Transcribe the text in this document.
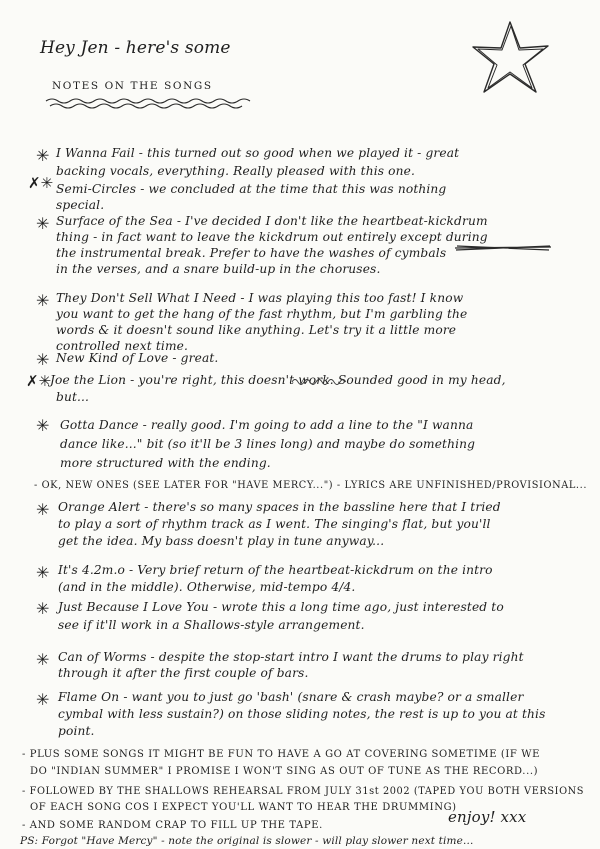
Hey Jen - here's some
NOTES ON THE SONGS
✳
✗✳
✳
✳
✳
✗✳
✳
✳
✳
✳
✳
✳
I Wanna Fail - this turned out so good when we played it - great
backing vocals, everything. Really pleased with this one.
Semi-Circles - we concluded at the time that this was nothing
special.
Surface of the Sea - I've decided I don't like the heartbeat-kickdrum
thing - in fact want to leave the kickdrum out entirely except during
the instrumental break. Prefer to have the washes of cymbals
in the verses, and a snare build-up in the choruses.
They Don't Sell What I Need - I was playing this too fast! I know
you want to get the hang of the fast rhythm, but I'm garbling the
words & it doesn't sound like anything. Let's try it a little more
controlled next time.
New Kind of Love - great.
Joe the Lion - you're right, this doesn't work. Sounded good in my head,
but...
Gotta Dance - really good. I'm going to add a line to the "I wanna
dance like..." bit (so it'll be 3 lines long) and maybe do something
more structured with the ending.
- OK, NEW ONES (SEE LATER FOR "HAVE MERCY...") - LYRICS ARE UNFINISHED/PROVISIONAL...
Orange Alert - there's so many spaces in the bassline here that I tried
to play a sort of rhythm track as I went. The singing's flat, but you'll
get the idea. My bass doesn't play in tune anyway...
It's 4.2m.o - Very brief return of the heartbeat-kickdrum on the intro
(and in the middle). Otherwise, mid-tempo 4/4.
Just Because I Love You - wrote this a long time ago, just interested to
see if it'll work in a Shallows-style arrangement.
Can of Worms - despite the stop-start intro I want the drums to play right
through it after the first couple of bars.
Flame On - want you to just go 'bash' (snare & crash maybe? or a smaller
cymbal with less sustain?) on those sliding notes, the rest is up to you at this
point.
- PLUS SOME SONGS IT MIGHT BE FUN TO HAVE A GO AT COVERING SOMETIME (IF WE
DO "INDIAN SUMMER" I PROMISE I WON'T SING AS OUT OF TUNE AS THE RECORD...)
- FOLLOWED BY THE SHALLOWS REHEARSAL FROM JULY 31st 2002 (TAPED YOU BOTH VERSIONS
OF EACH SONG COS I EXPECT YOU'LL WANT TO HEAR THE DRUMMING)
- AND SOME RANDOM CRAP TO FILL UP THE TAPE.	enjoy! xxx
PS: Forgot "Have Mercy" - note the original is slower - will play slower next time...
